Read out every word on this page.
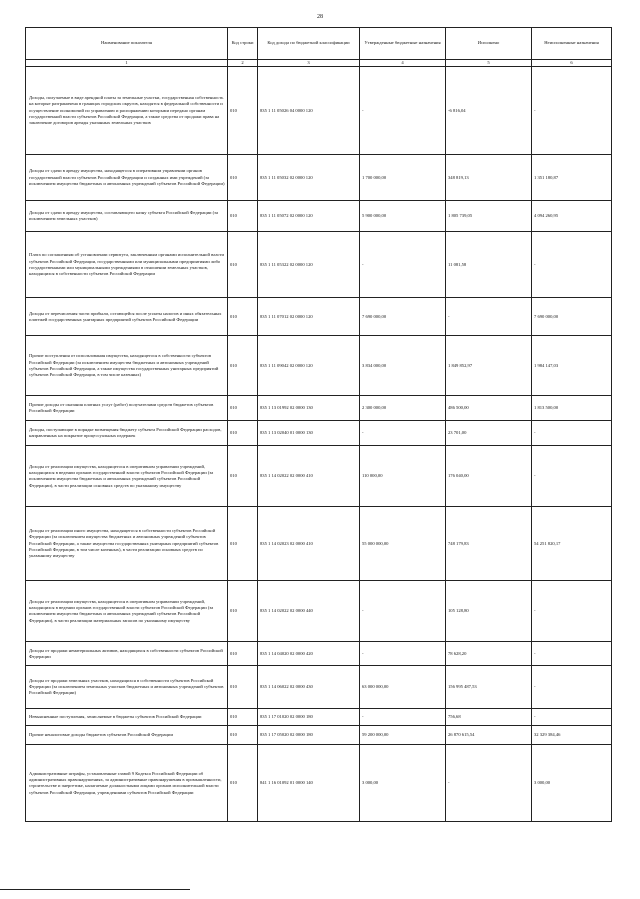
28
Наименование показателя	Код строки	Код дохода по бюджетной классификации	Утвержденные бюджетные назначения	Исполнено	Неисполненные назначения
1	2	3	4	5	6
Доходы, получаемые в виде арендной платы за земельные участки, государственная собственность на которые разграничена в границах городских округов, находятся в федеральной собственности и осуществление полномочий по управлению и распоряжению которыми передано органам государственной власти субъектов Российской Федерации, а также средства от продажи права на заключение договоров аренды указанных земельных участков	010	835 1 11 05026 04 0000 120	-	-6 816,04	-
Доходы от сдачи в аренду имущества, находящегося в оперативном управлении органов государственной власти субъектов Российской Федерации и созданных ими учреждений (за исключением имущества бюджетных и автономных учреждений субъектов Российской Федерации)	010	835 1 11 05032 02 0000 120	1 700 000,00	348 819,13	1 351 180,87
Доходы от сдачи в аренду имущества, составляющего казну субъекта Российской Федерации (за исключением земельных участков)	010	835 1 11 05072 02 0000 120	5 900 000,00	1 805 739,05	4 094 260,95
Плата по соглашениям об установлении сервитута, заключенным органами исполнительной власти субъектов Российской Федерации, государственными или муниципальными предприятиями либо государственными или муниципальными учреждениями в отношении земельных участков, находящихся в собственности субъектов Российской Федерации	010	835 1 11 05322 02 0000 120	-	11 081,58	-
Доходы от перечисления части прибыли, остающейся после уплаты налогов и иных обязательных платежей государственных унитарных предприятий субъектов Российской Федерации	010	835 1 11 07012 02 0000 120	7 690 000,00	-	7 690 000,00
Прочие поступления от использования имущества, находящегося в собственности субъектов Российской Федерации (за исключением имущества бюджетных и автономных учреждений субъектов Российской Федерации, а также имущества государственных унитарных предприятий субъектов Российской Федерации, в том числе казенных)	010	835 1 11 09042 02 0000 120	3 834 000,00	1 849 852,97	1 984 147,03
Прочие доходы от оказания платных услуг (работ) получателями средств бюджетов субъектов Российской Федерации	010	835 1 13 01992 02 0000 130	2 300 000,00	486 500,00	1 813 500,00
Доходы, поступающие в порядке возмещения бюджету субъекта Российской Федерации расходов, направленных на покрытие процессуальных издержек	010	835 1 13 02040 01 0000 130	-	23 701,00	-
Доходы от реализации имущества, находящегося в оперативном управлении учреждений, находящихся в ведении органов государственной власти субъектов Российской Федерации (за исключением имущества бюджетных и автономных учреждений субъектов Российской Федерации), в части реализации основных средств по указанному имуществу	010	835 1 14 02022 02 0000 410	110 000,00	176 040,00	-
Доходы от реализации иного имущества, находящегося в собственности субъектов Российской Федерации (за исключением имущества бюджетных и автономных учреждений субъектов Российской Федерации, а также имущества государственных унитарных предприятий субъектов Российской Федерации, в том числе казенных), в части реализации основных средств по указанному имуществу	010	835 1 14 02023 02 0000 410	55 000 000,00	748 179,83	54 251 820,17
Доходы от реализации имущества, находящегося в оперативном управлении учреждений, находящихся в ведении органов государственной власти субъектов Российской Федерации (за исключением имущества бюджетных и автономных учреждений субъектов Российской Федерации), в части реализации материальных запасов по указанному имуществу	010	835 1 14 02022 02 0000 440	-	105 128,80	-
Доходы от продажи нематериальных активов, находящихся в собственности субъектов Российской Федерации	010	835 1 14 04020 02 0000 420	-	78 628,20	-
Доходы от продажи земельных участков, находящихся в собственности субъектов Российской Федерации (за исключением земельных участков бюджетных и автономных учреждений субъектов Российской Федерации)	010	835 1 14 06022 02 0000 430	63 000 000,00	156 995 487,53	-
Невыясненные поступления, зачисляемые в бюджеты субъектов Российской Федерации	010	835 1 17 01020 02 0000 180	-	756,68	-
Прочие неналоговые доходы бюджетов субъектов Российской Федерации	010	835 1 17 05020 02 0000 180	59 200 000,00	26 870 615,54	32 329 384,46
Административные штрафы, установленные главой 9 Кодекса Российской Федерации об административных правонарушениях, за административные правонарушения в промышленности, строительстве и энергетике, налагаемые должностными лицами органов исполнительной власти субъектов Российской Федерации, учреждениями субъектов Российской Федерации	010	841 1 16 01092 01 0000 140	3 000,00	-	3 000,00
